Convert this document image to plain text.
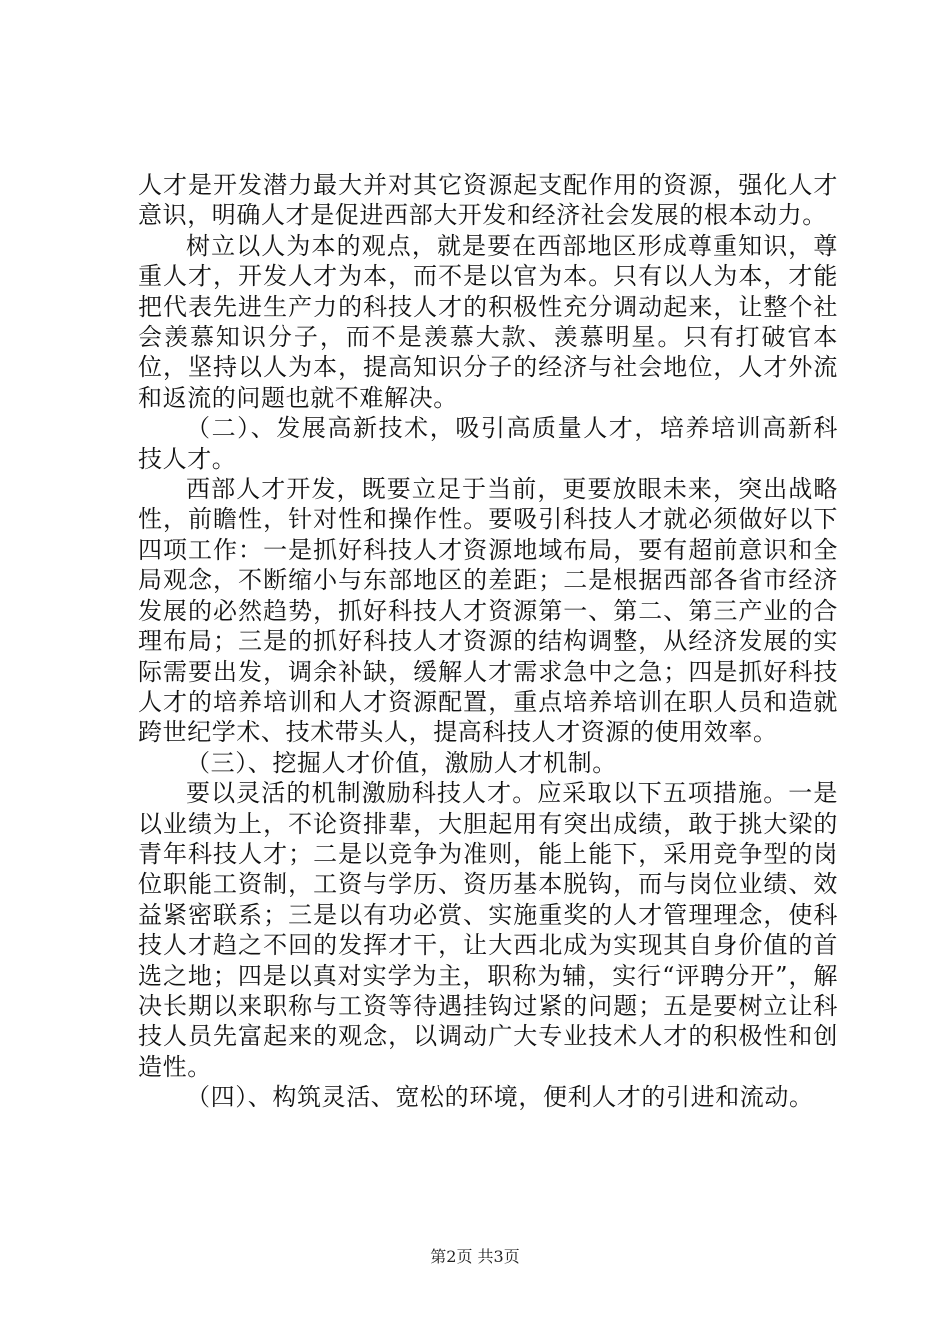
人才是开发潜力最大并对其它资源起支配作用的资源，强化人才意识，明确人才是促进西部大开发和经济社会发展的根本动力。

树立以人为本的观点，就是要在西部地区形成尊重知识，尊重人才，开发人才为本，而不是以官为本。只有以人为本，才能把代表先进生产力的科技人才的积极性充分调动起来，让整个社会羡慕知识分子，而不是羡慕大款、羡慕明星。只有打破官本位，坚持以人为本，提高知识分子的经济与社会地位，人才外流和返流的问题也就不难解决。

（二）、发展高新技术，吸引高质量人才，培养培训高新科技人才。

西部人才开发，既要立足于当前，更要放眼未来，突出战略性，前瞻性，针对性和操作性。要吸引科技人才就必须做好以下四项工作：一是抓好科技人才资源地域布局，要有超前意识和全局观念，不断缩小与东部地区的差距；二是根据西部各省市经济发展的必然趋势，抓好科技人才资源第一、第二、第三产业的合理布局；三是的抓好科技人才资源的结构调整，从经济发展的实际需要出发，调余补缺，缓解人才需求急中之急；四是抓好科技人才的培养培训和人才资源配置，重点培养培训在职人员和造就跨世纪学术、技术带头人，提高科技人才资源的使用效率。

（三）、挖掘人才价值，激励人才机制。

要以灵活的机制激励科技人才。应采取以下五项措施。一是以业绩为上，不论资排辈，大胆起用有突出成绩，敢于挑大梁的青年科技人才；二是以竞争为准则，能上能下，采用竞争型的岗位职能工资制，工资与学历、资历基本脱钩，而与岗位业绩、效益紧密联系；三是以有功必赏、实施重奖的人才管理理念，使科技人才趋之不回的发挥才干，让大西北成为实现其自身价值的首选之地；四是以真对实学为主，职称为辅，实行“评聘分开”，解决长期以来职称与工资等待遇挂钩过紧的问题；五是要树立让科技人员先富起来的观念，以调动广大专业技术人才的积极性和创造性。

（四）、构筑灵活、宽松的环境，便利人才的引进和流动。

第2页 共3页
